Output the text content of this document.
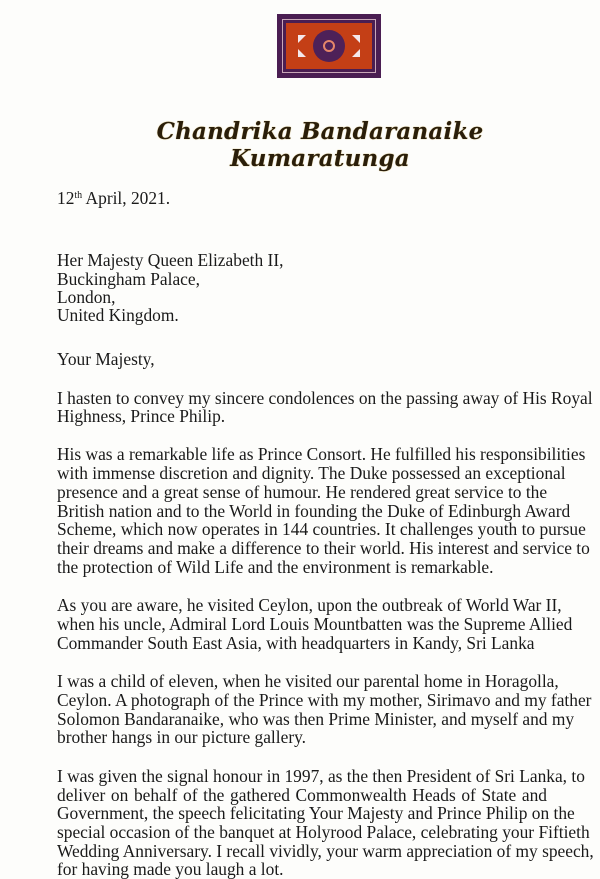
Chandrika Bandaranaike Kumaratunga
12th April, 2021.
Her Majesty Queen Elizabeth II,
Buckingham Palace,
London,
United Kingdom.
Your Majesty,
I hasten to convey my sincere condolences on the passing away of His Royal
Highness, Prince Philip.
His was a remarkable life as Prince Consort. He fulfilled his responsibilities
with immense discretion and dignity. The Duke possessed an exceptional
presence and a great sense of humour. He rendered great service to the
British nation and to the World in founding the Duke of Edinburgh Award
Scheme, which now operates in 144 countries. It challenges youth to pursue
their dreams and make a difference to their world. His interest and service to
the protection of Wild Life and the environment is remarkable.
As you are aware, he visited Ceylon, upon the outbreak of World War II,
when his uncle, Admiral Lord Louis Mountbatten was the Supreme Allied
Commander South East Asia, with headquarters in Kandy, Sri Lanka
I was a child of eleven, when he visited our parental home in Horagolla,
Ceylon. A photograph of the Prince with my mother, Sirimavo and my father
Solomon Bandaranaike, who was then Prime Minister, and myself and my
brother hangs in our picture gallery.
I was given the signal honour in 1997, as the then President of Sri Lanka, to
deliver on behalf of the gathered Commonwealth Heads of State and
Government, the speech felicitating Your Majesty and Prince Philip on the
special occasion of the banquet at Holyrood Palace, celebrating your Fiftieth
Wedding Anniversary. I recall vividly, your warm appreciation of my speech,
for having made you laugh a lot.
